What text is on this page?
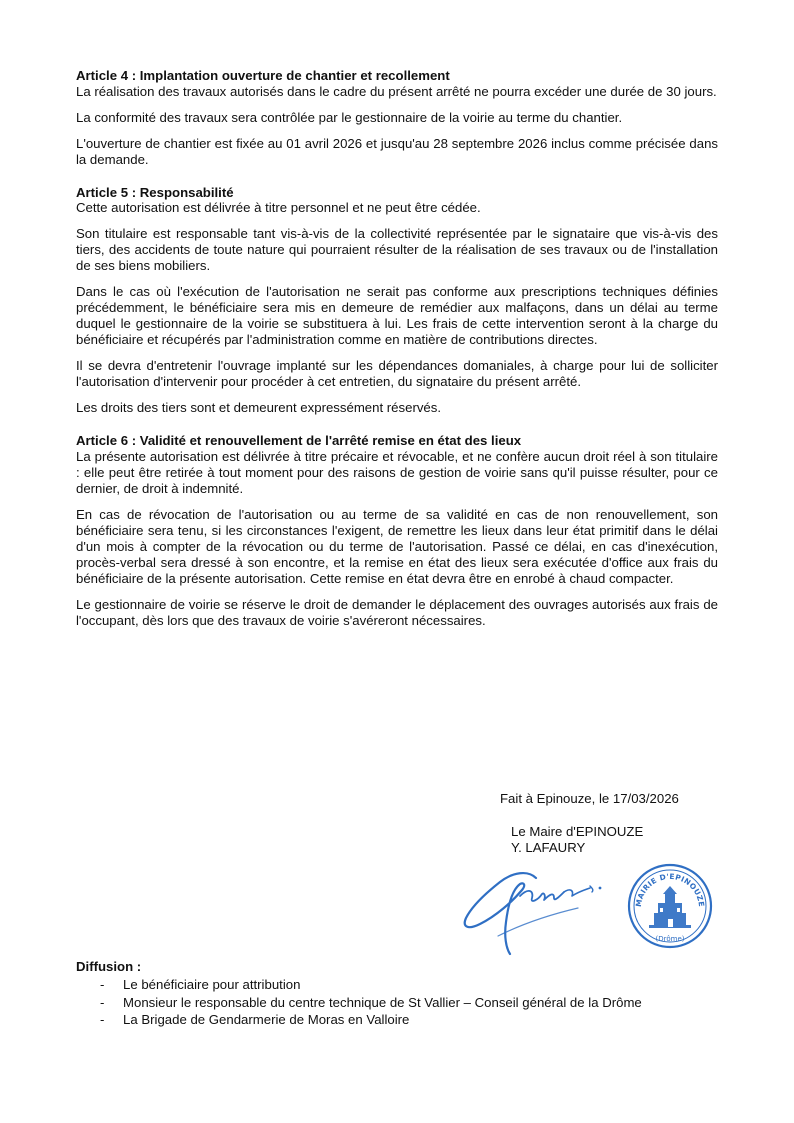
Article 4 : Implantation ouverture de chantier et recollement

La réalisation des travaux autorisés dans le cadre du présent arrêté ne pourra excéder une durée de 30 jours.

La conformité des travaux sera contrôlée par le gestionnaire de la voirie au terme du chantier.

L'ouverture de chantier est fixée au 01 avril 2026 et jusqu'au 28 septembre 2026 inclus comme précisée dans la demande.

Article 5 : Responsabilité

Cette autorisation est délivrée à titre personnel et ne peut être cédée.

Son titulaire est responsable tant vis-à-vis de la collectivité représentée par le signataire que vis-à-vis des tiers, des accidents de toute nature qui pourraient résulter de la réalisation de ses travaux ou de l'installation de ses biens mobiliers.

Dans le cas où l'exécution de l'autorisation ne serait pas conforme aux prescriptions techniques définies précédemment, le bénéficiaire sera mis en demeure de remédier aux malfaçons, dans un délai au terme duquel le gestionnaire de la voirie se substituera à lui. Les frais de cette intervention seront à la charge du bénéficiaire et récupérés par l'administration comme en matière de contributions directes.

Il se devra d'entretenir l'ouvrage implanté sur les dépendances domaniales, à charge pour lui de solliciter l'autorisation d'intervenir pour procéder à cet entretien, du signataire du présent arrêté.

Les droits des tiers sont et demeurent expressément réservés.

Article 6 : Validité et renouvellement de l'arrêté remise en état des lieux

La présente autorisation est délivrée à titre précaire et révocable, et ne confère aucun droit réel à son titulaire : elle peut être retirée à tout moment pour des raisons de gestion de voirie sans qu'il puisse résulter, pour ce dernier, de droit à indemnité.

En cas de révocation de l'autorisation ou au terme de sa validité en cas de non renouvellement, son bénéficiaire sera tenu, si les circonstances l'exigent, de remettre les lieux dans leur état primitif dans le délai d'un mois à compter de la révocation ou du terme de l'autorisation. Passé ce délai, en cas d'inexécution, procès-verbal sera dressé à son encontre, et la remise en état des lieux sera exécutée d'office aux frais du bénéficiaire de la présente autorisation. Cette remise en état devra être en enrobé à chaud compacter.

Le gestionnaire de voirie se réserve le droit de demander le déplacement des ouvrages autorisés aux frais de l'occupant, dès lors que des travaux de voirie s'avéreront nécessaires.

Fait à Epinouze, le 17/03/2026
Le Maire d'EPINOUZE
Y. LAFAURY
MAIRIE D'EPINOUZE
(Drôme)
Diffusion :
- Le bénéficiaire pour attribution
- Monsieur le responsable du centre technique de St Vallier – Conseil général de la Drôme
- La Brigade de Gendarmerie de Moras en Valloire
